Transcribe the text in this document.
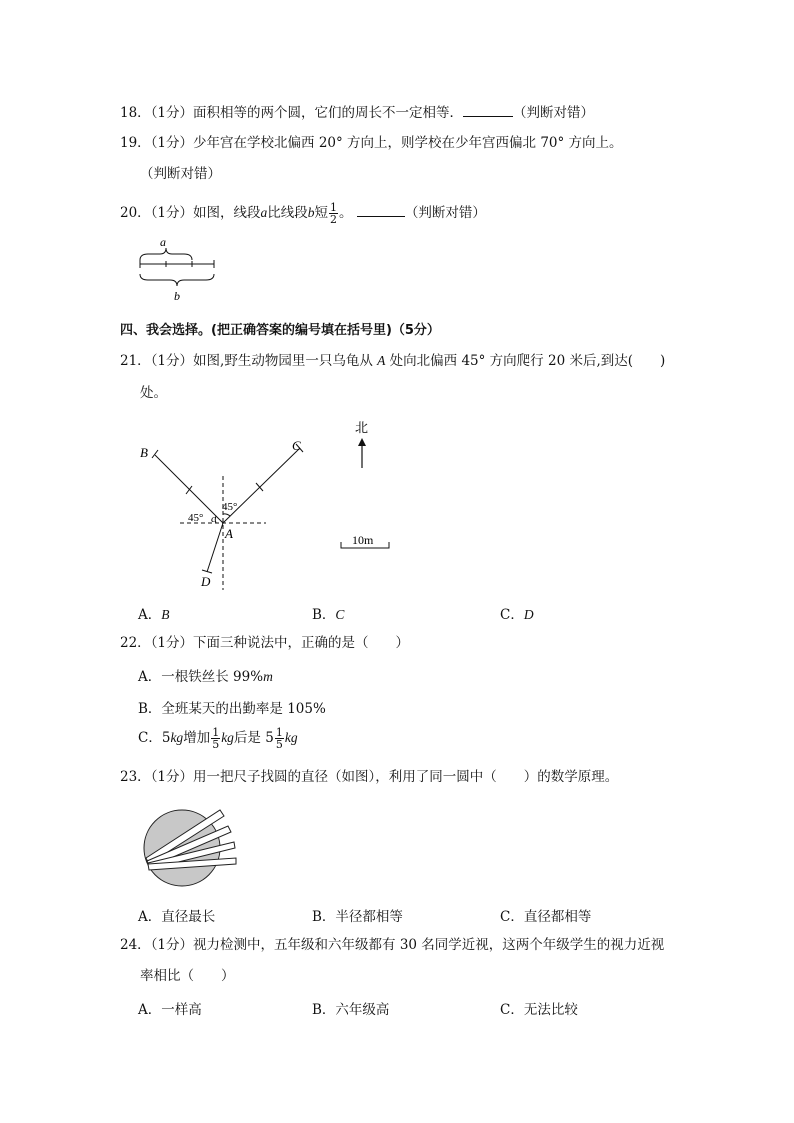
18．（1分）面积相等的两个圆，它们的周长不一定相等．	（判断对错）
19．（1分）少年宫在学校北偏西 20° 方向上，则学校在少年宫西偏北 70° 方向上。
（判断对错）
20．（1分）如图，线段a比线段b短 $\frac{1}{2}$ 。	（判断对错）
a
b
四、我会选择。(把正确答案的编号填在括号里)（5分）
21．（1分）如图,野生动物园里一只乌龟从 A 处向北偏西 45° 方向爬行 20 米后,到达(　　)
处。
B	C
A
D
c
45°
45°
北
10m
A．B	B．C	C．D
22．（1分）下面三种说法中，正确的是（　　）
A．一根铁丝长 99%m
B．全班某天的出勤率是 105%
C．5kg增加 $\frac{1}{5}$ kg后是 $5 \frac{1}{5}$ kg
23．（1分）用一把尺子找圆的直径（如图），利用了同一圆中（　　）的数学原理。
A．直径最长	B．半径都相等	C．直径都相等
24．（1分）视力检测中，五年级和六年级都有 30 名同学近视，这两个年级学生的视力近视
率相比（　　）
A．一样高	B．六年级高	C．无法比较
